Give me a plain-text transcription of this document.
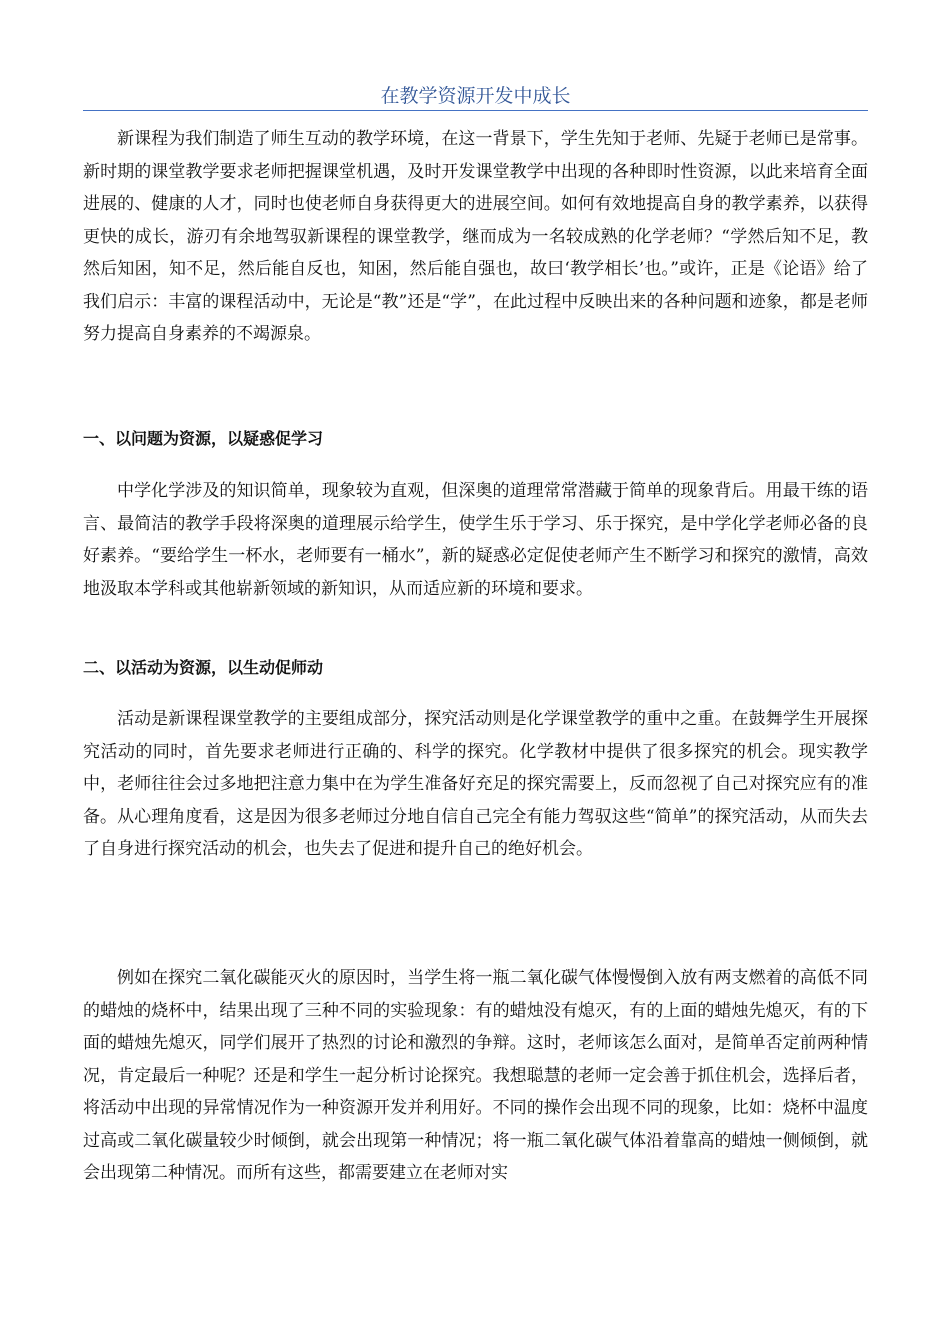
在教学资源开发中成长

新课程为我们制造了师生互动的教学环境，在这一背景下，学生先知于老师、先疑于老师已是常事。新时期的课堂教学要求老师把握课堂机遇，及时开发课堂教学中出现的各种即时性资源，以此来培育全面进展的、健康的人才，同时也使老师自身获得更大的进展空间。如何有效地提高自身的教学素养，以获得更快的成长，游刃有余地驾驭新课程的课堂教学，继而成为一名较成熟的化学老师？“学然后知不足，教然后知困，知不足，然后能自反也，知困，然后能自强也，故曰‘教学相长’也。”或许，正是《论语》给了我们启示：丰富的课程活动中，无论是“教”还是“学”，在此过程中反映出来的各种问题和迹象，都是老师努力提高自身素养的不竭源泉。

一、以问题为资源，以疑惑促学习

中学化学涉及的知识简单，现象较为直观，但深奥的道理常常潜藏于简单的现象背后。用最干练的语言、最简洁的教学手段将深奥的道理展示给学生，使学生乐于学习、乐于探究，是中学化学老师必备的良好素养。“要给学生一杯水，老师要有一桶水”，新的疑惑必定促使老师产生不断学习和探究的激情，高效地汲取本学科或其他崭新领域的新知识，从而适应新的环境和要求。

二、以活动为资源，以生动促师动

活动是新课程课堂教学的主要组成部分，探究活动则是化学课堂教学的重中之重。在鼓舞学生开展探究活动的同时，首先要求老师进行正确的、科学的探究。化学教材中提供了很多探究的机会。现实教学中，老师往往会过多地把注意力集中在为学生准备好充足的探究需要上，反而忽视了自己对探究应有的准备。从心理角度看，这是因为很多老师过分地自信自己完全有能力驾驭这些“简单”的探究活动，从而失去了自身进行探究活动的机会，也失去了促进和提升自己的绝好机会。

例如在探究二氧化碳能灭火的原因时，当学生将一瓶二氧化碳气体慢慢倒入放有两支燃着的高低不同的蜡烛的烧杯中，结果出现了三种不同的实验现象：有的蜡烛没有熄灭，有的上面的蜡烛先熄灭，有的下面的蜡烛先熄灭，同学们展开了热烈的讨论和激烈的争辩。这时，老师该怎么面对，是简单否定前两种情况，肯定最后一种呢？还是和学生一起分析讨论探究。我想聪慧的老师一定会善于抓住机会，选择后者，将活动中出现的异常情况作为一种资源开发并利用好。不同的操作会出现不同的现象，比如：烧杯中温度过高或二氧化碳量较少时倾倒，就会出现第一种情况；将一瓶二氧化碳气体沿着靠高的蜡烛一侧倾倒，就会出现第二种情况。而所有这些，都需要建立在老师对实
